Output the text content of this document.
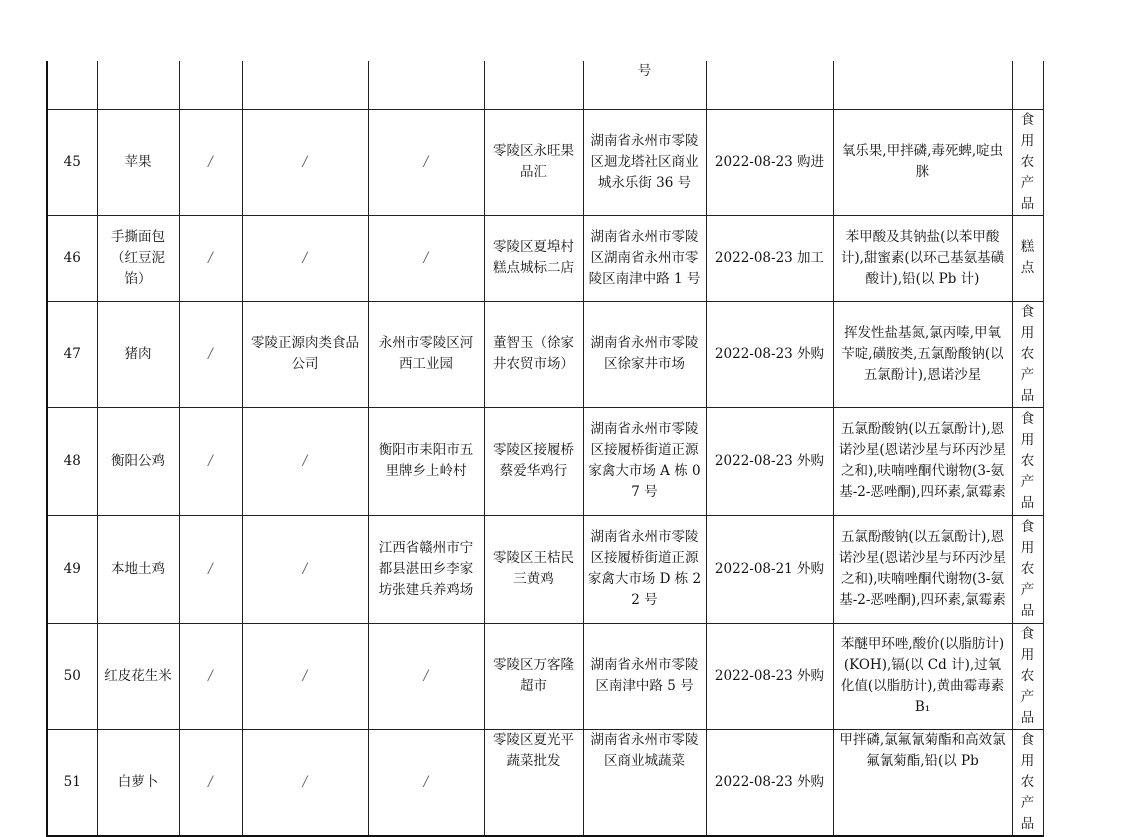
						号			
45	苹果	/	/	/	零陵区永旺果品汇	湖南省永州市零陵区迴龙塔社区商业城永乐街 36 号	2022-08-23 购进	氧乐果,甲拌磷,毒死蜱,啶虫脒	食用农产品
46	手撕面包（红豆泥馅）	/	/	/	零陵区夏埠村糕点城标二店	湖南省永州市零陵区湖南省永州市零陵区南津中路 1 号	2022-08-23 加工	苯甲酸及其钠盐(以苯甲酸计),甜蜜素(以环己基氨基磺酸计),铅(以 Pb 计)	糕点
47	猪肉	/	零陵正源肉类食品公司	永州市零陵区河西工业园	董智玉（徐家井农贸市场）	湖南省永州市零陵区徐家井市场	2022-08-23 外购	挥发性盐基氮,氯丙嗪,甲氧苄啶,磺胺类,五氯酚酸钠(以五氯酚计),恩诺沙星	食用农产品
48	衡阳公鸡	/	/	衡阳市耒阳市五里牌乡上岭村	零陵区接履桥蔡爱华鸡行	湖南省永州市零陵区接履桥街道正源家禽大市场 A 栋 07 号	2022-08-23 外购	五氯酚酸钠(以五氯酚计),恩诺沙星(恩诺沙星与环丙沙星之和),呋喃唑酮代谢物(3-氨基-2-恶唑酮),四环素,氯霉素	食用农产品
49	本地土鸡	/	/	江西省赣州市宁都县湛田乡李家坊张建兵养鸡场	零陵区王桔民三黄鸡	湖南省永州市零陵区接履桥街道正源家禽大市场 D 栋 22 号	2022-08-21 外购	五氯酚酸钠(以五氯酚计),恩诺沙星(恩诺沙星与环丙沙星之和),呋喃唑酮代谢物(3-氨基-2-恶唑酮),四环素,氯霉素	食用农产品
50	红皮花生米	/	/	/	零陵区万客隆超市	湖南省永州市零陵区南津中路 5 号	2022-08-23 外购	苯醚甲环唑,酸价(以脂肪计)(KOH),镉(以 Cd 计),过氧化值(以脂肪计),黄曲霉毒素 B₁	食用农产品
51	白萝卜	/	/	/	零陵区夏光平蔬菜批发	湖南省永州市零陵区商业城蔬菜	2022-08-23 外购	甲拌磷,氯氟氰菊酯和高效氯氟氰菊酯,铅(以 Pb	食用农产品
